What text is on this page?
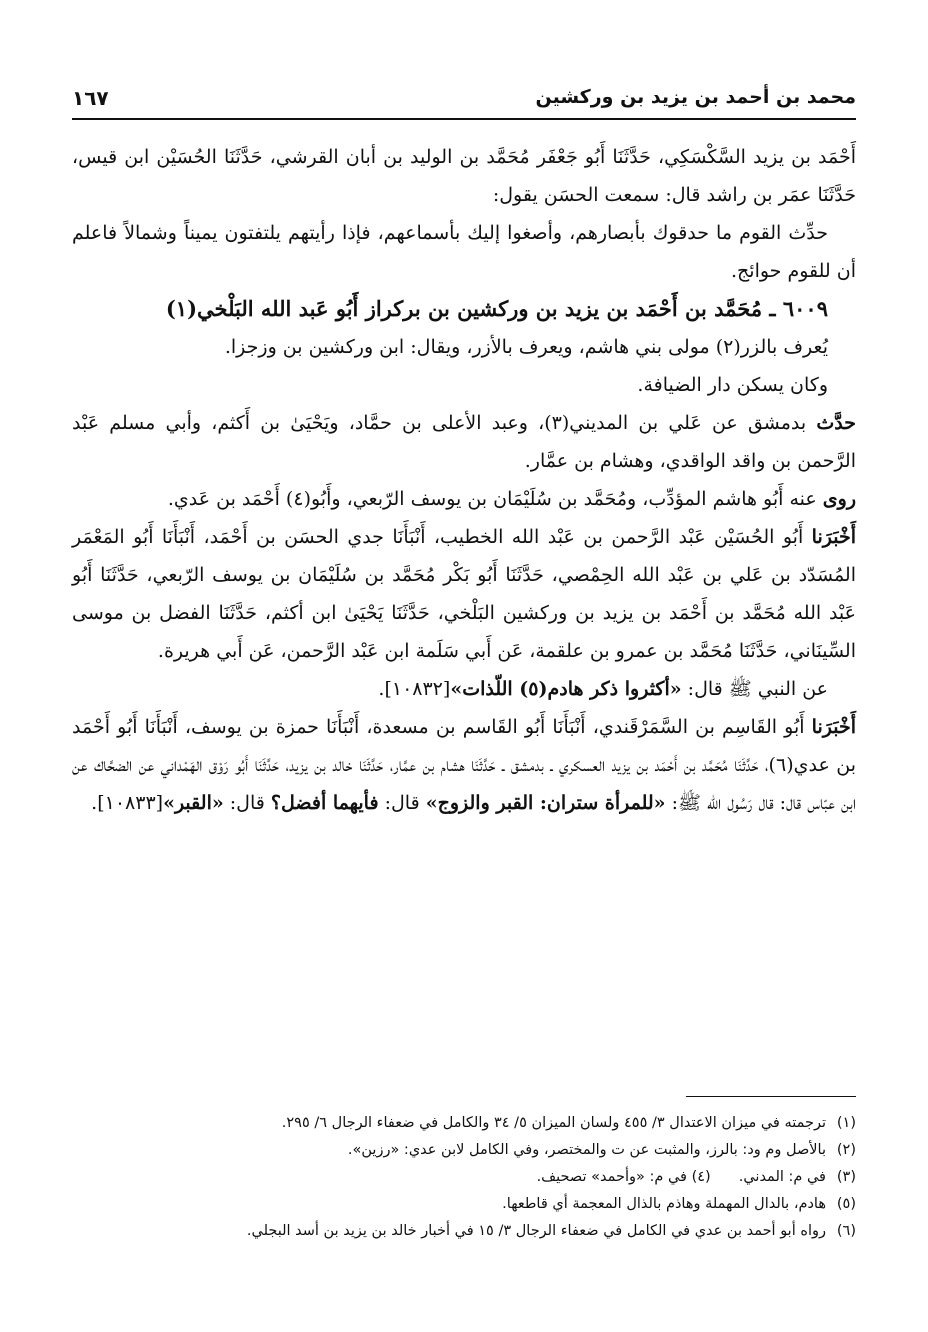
محمد بن أحمد بن يزيد بن وركشين
١٦٧

أَحْمَد بن يزيد السَّكْسَكِي، حَدَّثَنَا أَبُو جَعْفَر مُحَمَّد بن الوليد بن أبان القرشي، حَدَّثَنَا الحُسَيْن ابن قيس، حَدَّثَنَا عمَر بن راشد قال: سمعت الحسَن يقول:

حدِّث القوم ما حدقوك بأبصارهم، وأصغوا إليك بأسماعهم، فإذا رأيتهم يلتفتون يميناً وشمالاً فاعلم أن للقوم حوائج.

٦٠٠٩ ـ مُحَمَّد بن أَحْمَد بن يزيد بن وركشين بن بركراز أَبُو عَبد الله البَلْخي(١)

يُعرف بالزر(٢) مولى بني هاشم، ويعرف بالأزر، ويقال: ابن وركشين بن وزجزا.

وكان يسكن دار الضيافة.

حدَّث بدمشق عن عَلي بن المديني(٣)، وعبد الأعلى بن حمَّاد، ويَحْيَىٰ بن أَكثم، وأبي مسلم عَبْد الرَّحمن بن واقد الواقدي، وهشام بن عمَّار.

روى عنه أَبُو هاشم المؤدِّب، ومُحَمَّد بن سُلَيْمَان بن يوسف الرّبعي، وأَبُو(٤) أَحْمَد بن عَدي.

أَخْبَرَنا أَبُو الحُسَيْن عَبْد الرَّحمن بن عَبْد الله الخطيب، أَنْبَأَنَا جدي الحسَن بن أَحْمَد، أَنْبَأَنَا أَبُو المَعْمَر المُسَدّد بن عَلي بن عَبْد الله الحِمْصي، حَدَّثَنَا أَبُو بَكْر مُحَمَّد بن سُلَيْمَان بن يوسف الرّبعي، حَدَّثَنَا أَبُو عَبْد الله مُحَمَّد بن أَحْمَد بن يزيد بن وركشين البَلْخي، حَدَّثَنَا يَحْيَىٰ ابن أكثم، حَدَّثَنَا الفضل بن موسى السِّينَاني، حَدَّثَنَا مُحَمَّد بن عمرو بن علقمة، عَن أَبي سَلَمة ابن عَبْد الرَّحمن، عَن أَبي هريرة.

عن النبي ﷺ قال: «أكثروا ذكر هادم(٥) اللّذات»[١٠٨٣٢].

أَخْبَرَنا أَبُو القَاسِم بن السَّمَرْقَندي، أَنْبَأَنَا أَبُو القَاسم بن مسعدة، أَنْبَأَنَا حمزة بن يوسف، أَنْبَأَنَا أَبُو أَحْمَد بن عدي(٦)، حَدَّثَنَا مُحَمَّد بن أَحْمَد بن يزيد العسكري ـ بدمشق ـ حَدَّثَنَا هشام بن عمَّار، حَدَّثَنَا خالد بن يزيد، حَدَّثَنَا أَبُو رَوْق الهَمْداني عن الضحَّاك عن ابن عبّاس قال: قال رَسُول الله ﷺ: «للمرأة ستران: القبر والزوج» قال: فأيهما أفضل؟ قال: «القبر»[١٠٨٣٣].

(١)ترجمته في ميزان الاعتدال ٣/ ٤٥٥ ولسان الميزان ٥/ ٣٤ والكامل في ضعفاء الرجال ٦/ ٢٩٥.

(٢)بالأصل وم ود: بالرز، والمثبت عن ت والمختصر، وفي الكامل لابن عدي: «رزين».

(٣)في م: المدني.(٤) في م: «وأحمد» تصحيف.

(٥)هادم، بالدال المهملة وهاذم بالذال المعجمة أي قاطعها.

(٦)رواه أبو أحمد بن عدي في الكامل في ضعفاء الرجال ٣/ ١٥ في أخبار خالد بن يزيد بن أسد البجلي.
